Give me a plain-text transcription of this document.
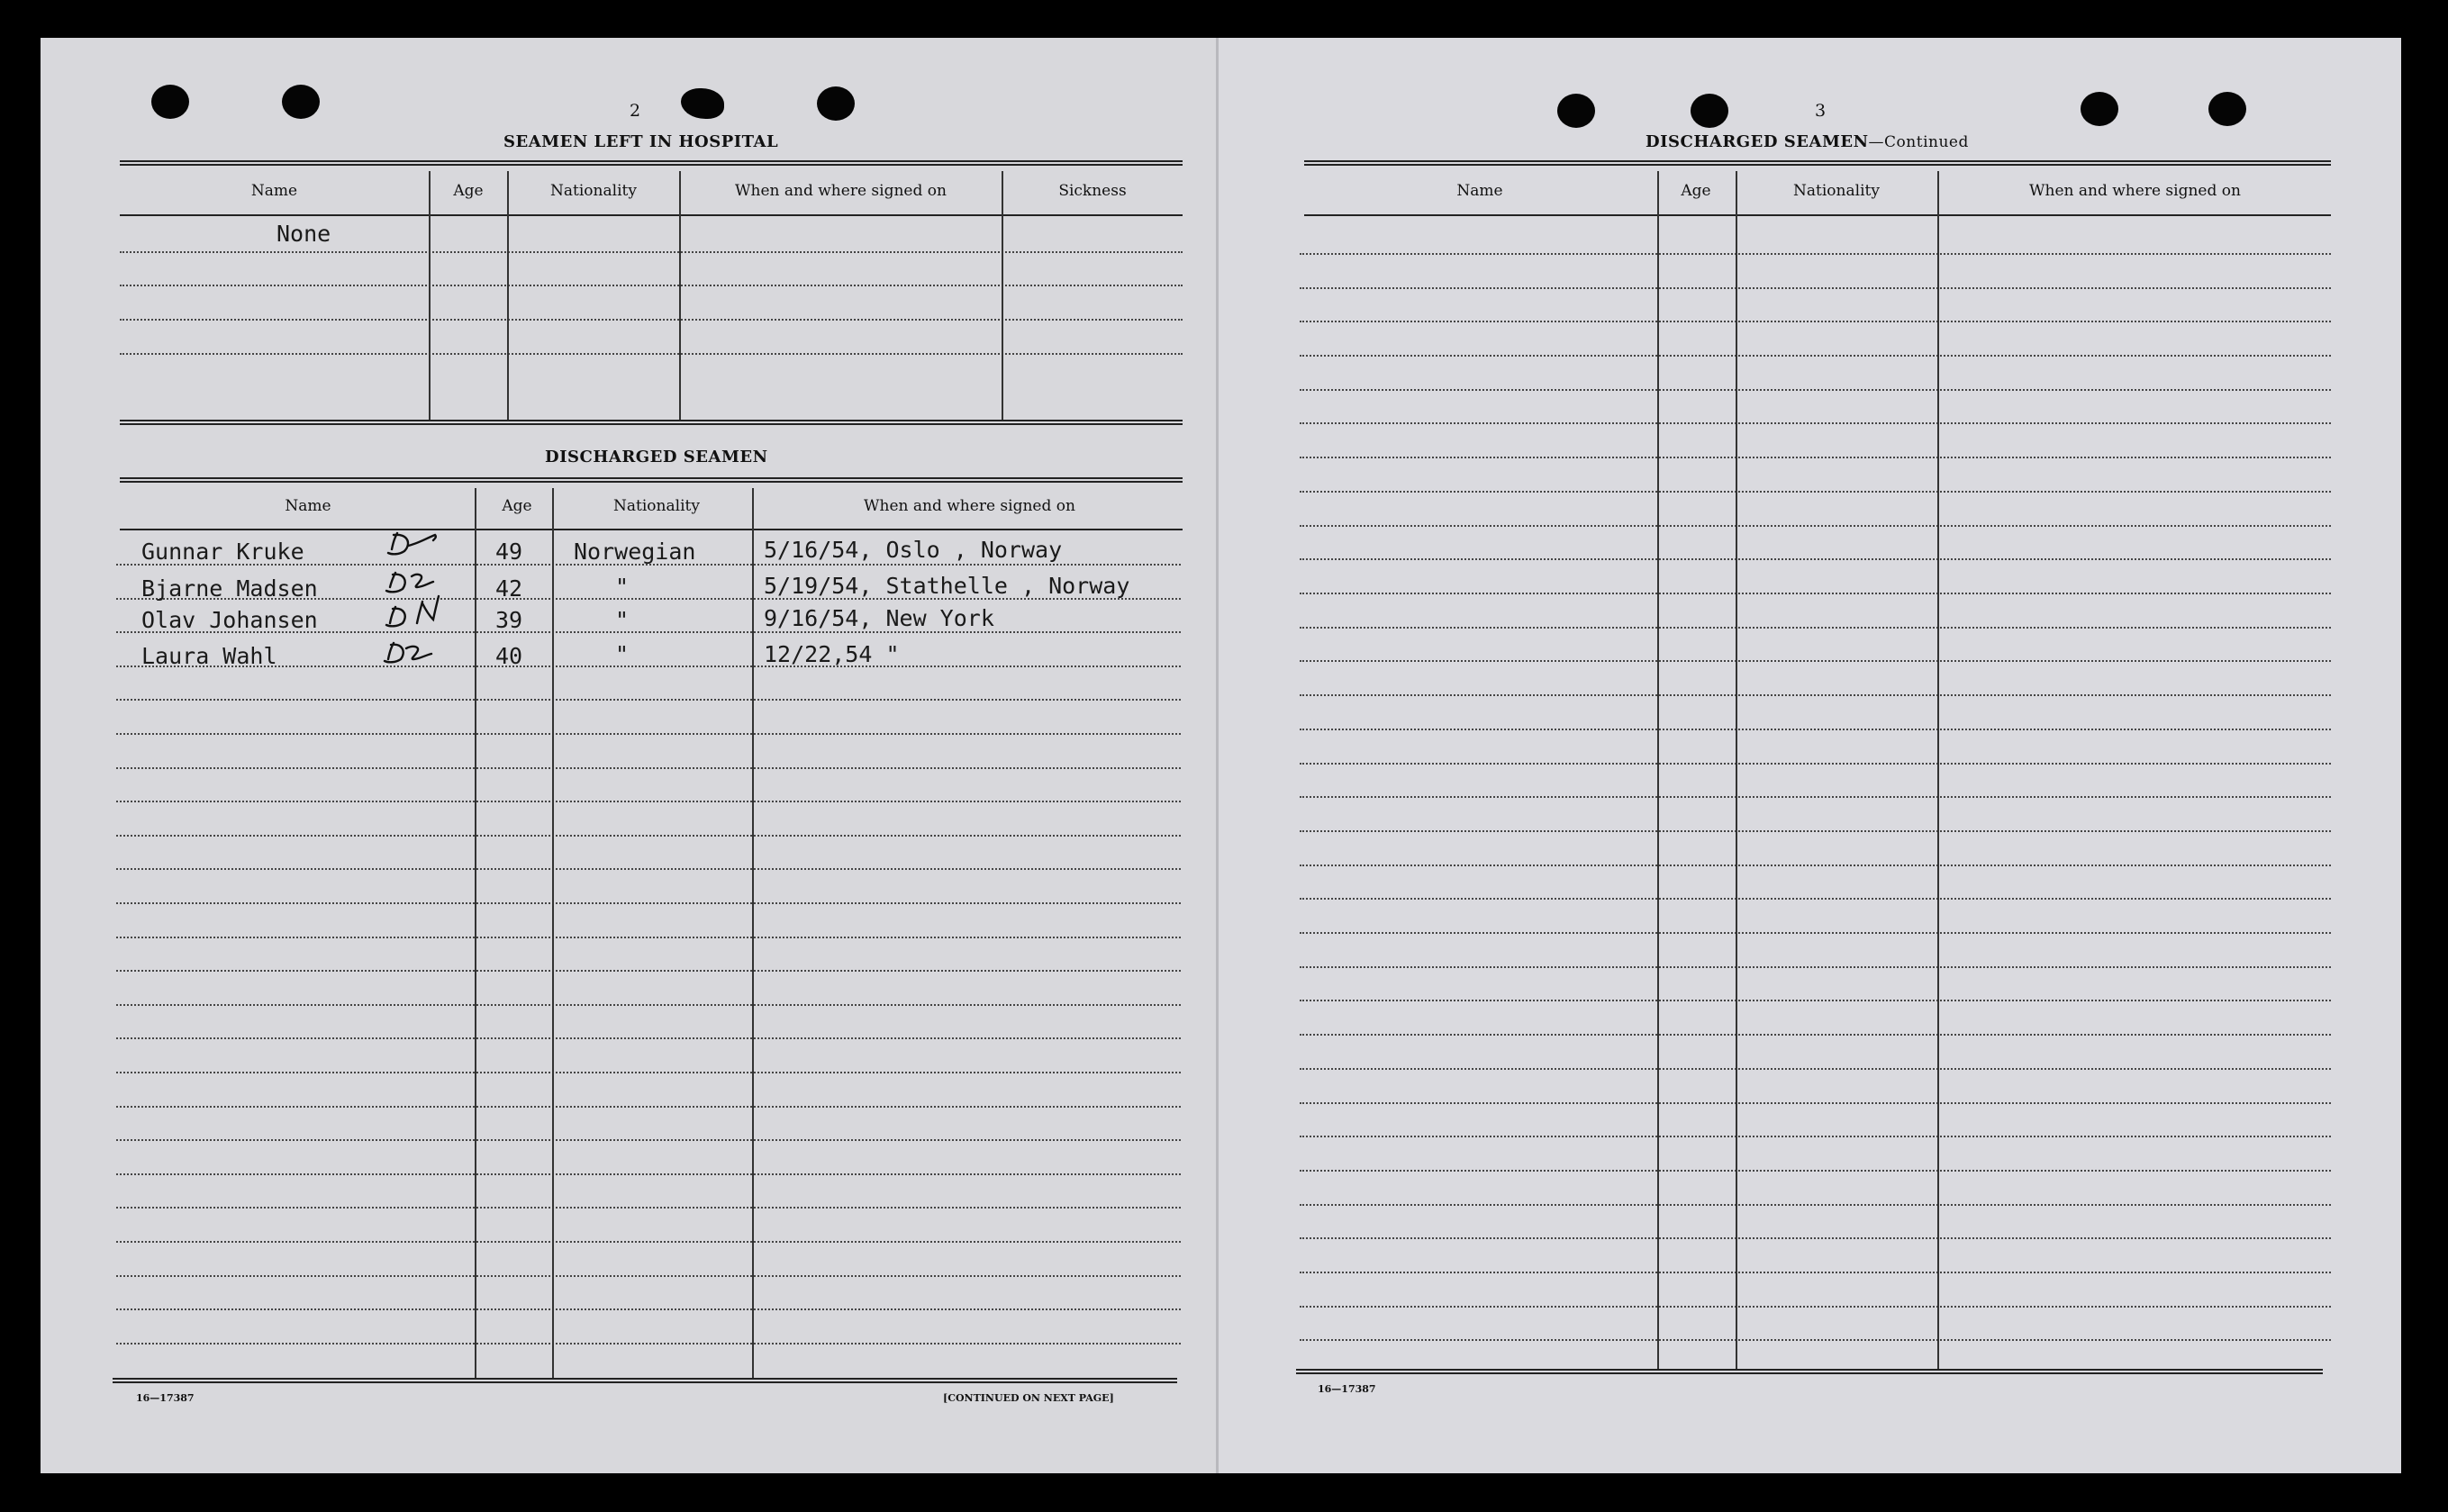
2
SEAMEN LEFT IN HOSPITAL
Name	Age	Nationality	When and where signed on	Sickness
None
DISCHARGED SEAMEN
Name	Age	Nationality	When and where signed on
Gunnar Kruke	49 Norwegian	5/16/54, Oslo , Norway
Bjarne Madsen	42	"	5/19/54, Stathelle , Norway
Olav Johansen	39	"	9/16/54, New York
Laura Wahl	40	"	12/22,54 "
16—17387	[CONTINUED ON NEXT PAGE]
3
DISCHARGED SEAMEN—Continued
Name	Age	Nationality	When and where signed on
16—17387
